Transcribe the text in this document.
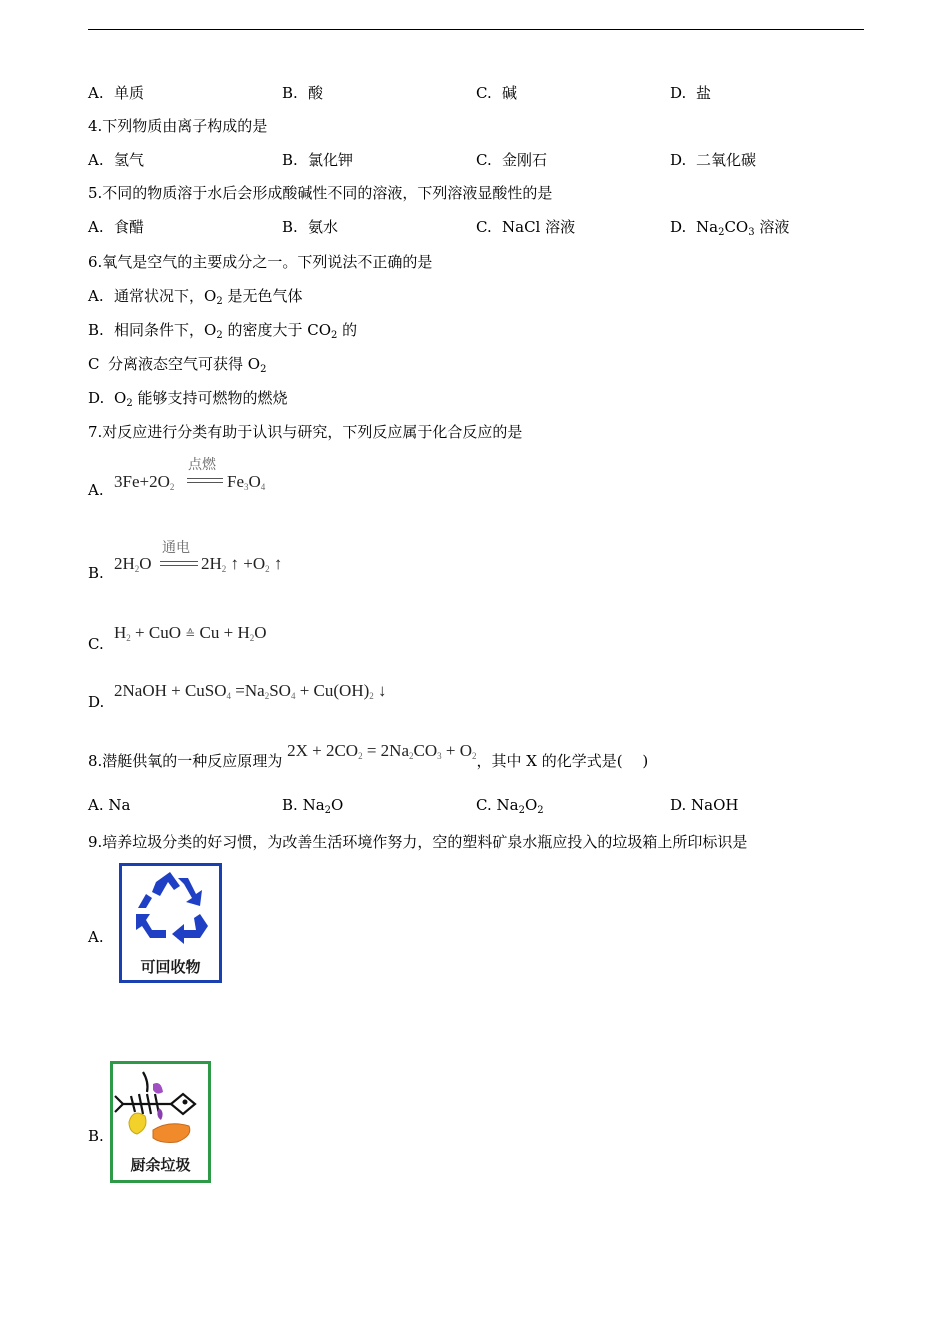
A. 单质	B. 酸	C. 碱	D. 盐
4.下列物质由离子构成的是
A. 氢气	B. 氯化钾	C. 金刚石	D. 二氧化碳
5.不同的物质溶于水后会形成酸碱性不同的溶液，下列溶液显酸性的是
A. 食醋	B. 氨水	C. NaCl 溶液	D. $Na_2CO_3$ 溶液
6.氧气是空气的主要成分之一。下列说法不正确的是
A. 通常状况下，$O_2$ 是无色气体
B. 相同条件下，$O_2$ 的密度大于 $CO_2$ 的
C 分离液态空气可获得 $O_2$
D. $O_2$ 能够支持可燃物的燃烧
7.对反应进行分类有助于认识与研究，下列反应属于化合反应的是
A. $3Fe+2O_2$
点燃
$Fe_3O_4$
B. $2H_2O$
通电
$2H_2$ ↑ $+O_2$ ↑
C.
$H_2$ + CuO ≙ $Cu + H_2O$
D.
2NaOH + CuSO$_4$ $=Na_2SO_4 + Cu(OH)_2$ ↓
8.潜艇供氧的一种反应原理为 $2X + 2CO_2 = 2Na_2CO_3 + O_2$，其中 X 的化学式是(　 )
A. Na	B. $Na_2O$	C. $Na_2O_2$	D. NaOH
9.培养垃圾分类的好习惯，为改善生活环境作努力，空的塑料矿泉水瓶应投入的垃圾箱上所印标识是
A.
可回收物
B.
厨余垃圾
